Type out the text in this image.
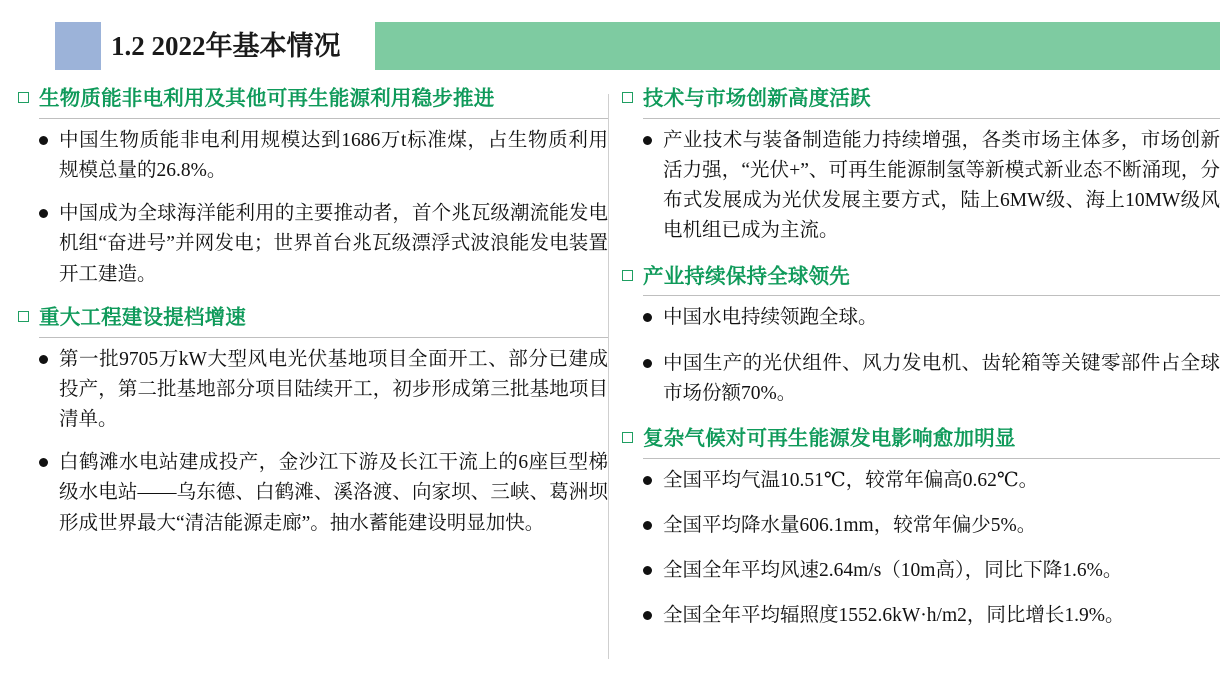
1.2 2022年基本情况
生物质能非电利用及其他可再生能源利用稳步推进
中国生物质能非电利用规模达到1686万t标准煤，占生物质利用规模总量的26.8%。
中国成为全球海洋能利用的主要推动者，首个兆瓦级潮流能发电机组“奋进号”并网发电；世界首台兆瓦级漂浮式波浪能发电装置开工建造。
重大工程建设提档增速
第一批9705万kW大型风电光伏基地项目全面开工、部分已建成投产，第二批基地部分项目陆续开工，初步形成第三批基地项目清单。
白鹤滩水电站建成投产，金沙江下游及长江干流上的6座巨型梯级水电站——乌东德、白鹤滩、溪洛渡、向家坝、三峡、葛洲坝形成世界最大“清洁能源走廊”。抽水蓄能建设明显加快。
技术与市场创新高度活跃
产业技术与装备制造能力持续增强，各类市场主体多，市场创新活力强，“光伏+”、可再生能源制氢等新模式新业态不断涌现，分布式发展成为光伏发展主要方式，陆上6MW级、海上10MW级风电机组已成为主流。
产业持续保持全球领先
中国水电持续领跑全球。
中国生产的光伏组件、风力发电机、齿轮箱等关键零部件占全球市场份额70%。
复杂气候对可再生能源发电影响愈加明显
全国平均气温10.51℃，较常年偏高0.62℃。
全国平均降水量606.1mm，较常年偏少5%。
全国全年平均风速2.64m/s（10m高），同比下降1.6%。
全国全年平均辐照度1552.6kW·h/m2，同比增长1.9%。
